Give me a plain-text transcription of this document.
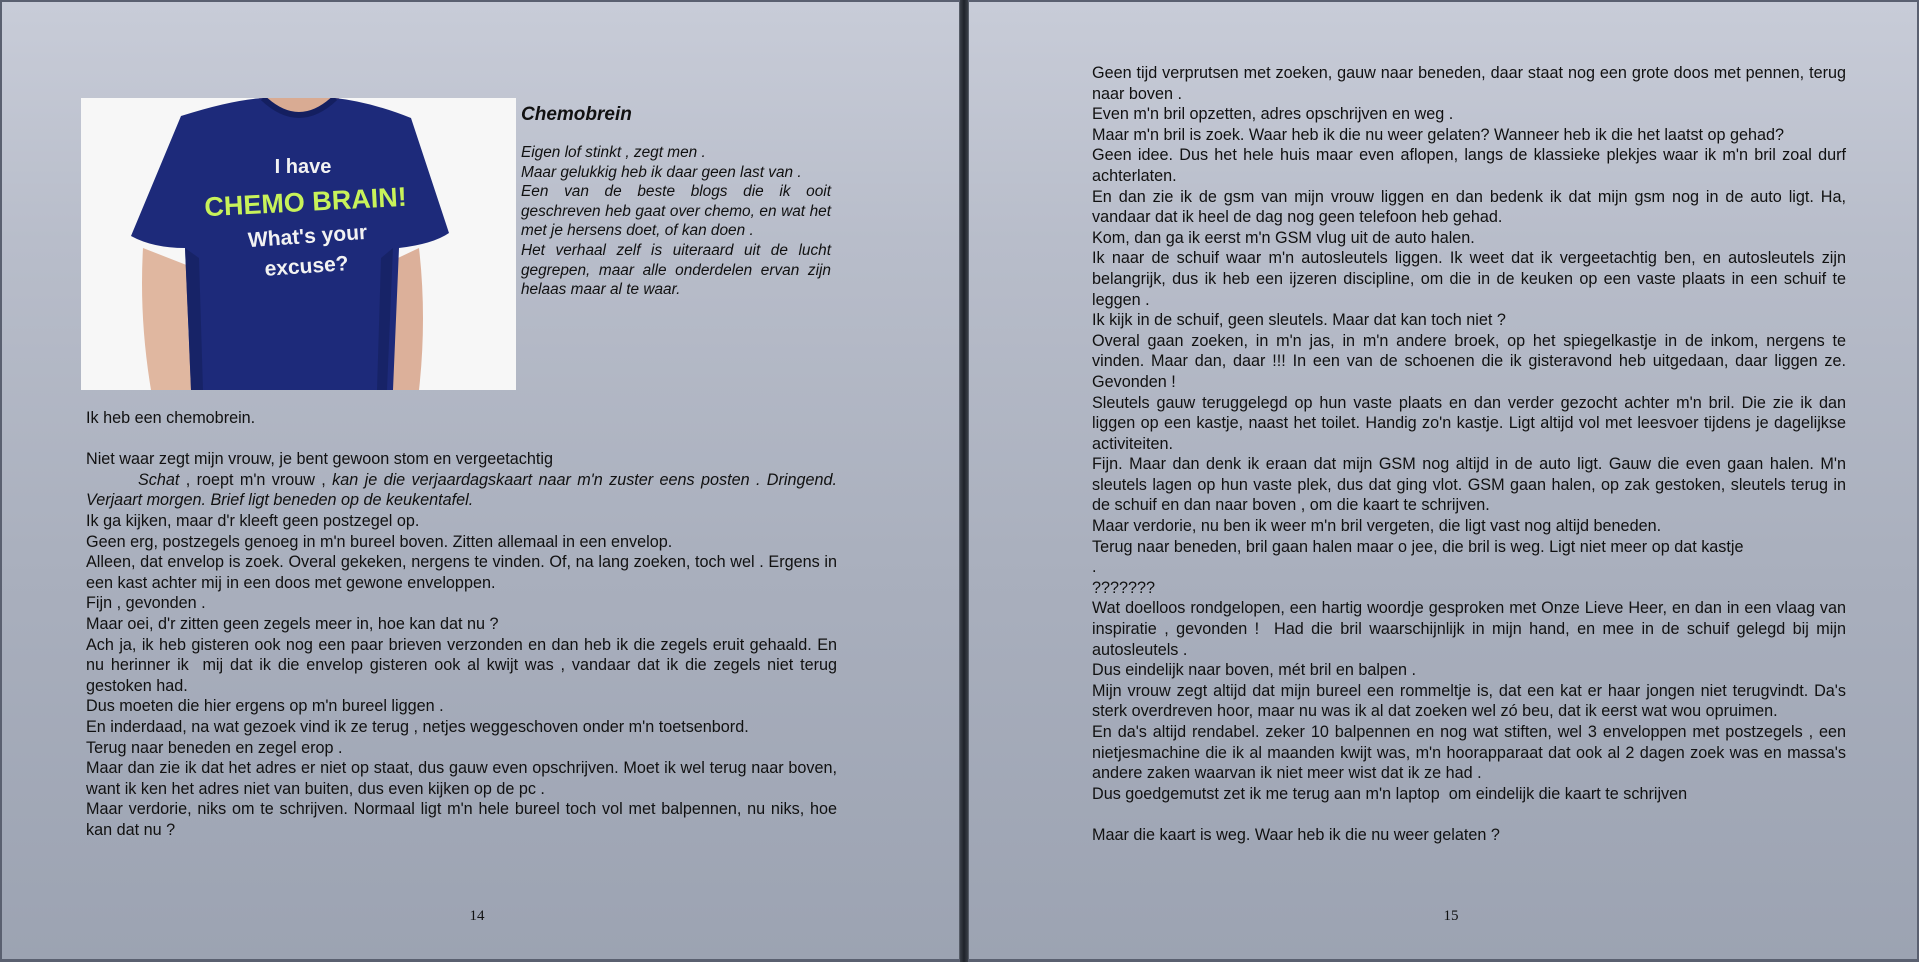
I have
CHEMO BRAIN!
What's your
excuse?
Chemobrein

Eigen lof stinkt , zegt men .

Maar gelukkig heb ik daar geen last van .

Een van de beste blogs die ik ooit geschreven heb gaat over chemo, en wat het met je hersens doet, of kan doen .

Het verhaal zelf is uiteraard uit de lucht gegrepen, maar alle onderdelen ervan zijn helaas maar al te waar.

Ik heb een chemobrein.

Niet waar zegt mijn vrouw, je bent gewoon stom en vergeetachtig

Schat , roept m'n vrouw , kan je die verjaardagskaart naar m'n zuster eens posten . Dringend. Verjaart morgen. Brief ligt beneden op de keukentafel.

Ik ga kijken, maar d'r kleeft geen postzegel op.

Geen erg, postzegels genoeg in m'n bureel boven. Zitten allemaal in een envelop.

Alleen, dat envelop is zoek. Overal gekeken, nergens te vinden. Of, na lang zoeken, toch wel . Ergens in een kast achter mij in een doos met gewone enveloppen.

Fijn , gevonden .

Maar oei, d'r zitten geen zegels meer in, hoe kan dat nu ?

Ach ja, ik heb gisteren ook nog een paar brieven verzonden en dan heb ik die zegels eruit gehaald. En nu herinner ik  mij dat ik die envelop gisteren ook al kwijt was , vandaar dat ik die zegels niet terug gestoken had.

Dus moeten die hier ergens op m'n bureel liggen .

En inderdaad, na wat gezoek vind ik ze terug , netjes weggeschoven onder m'n toetsenbord.

Terug naar beneden en zegel erop .

Maar dan zie ik dat het adres er niet op staat, dus gauw even opschrijven. Moet ik wel terug naar boven, want ik ken het adres niet van buiten, dus even kijken op de pc .

Maar verdorie, niks om te schrijven. Normaal ligt m'n hele bureel toch vol met balpennen, nu niks, hoe kan dat nu ?

14

Geen tijd verprutsen met zoeken, gauw naar beneden, daar staat nog een grote doos met pennen, terug naar boven .

Even m'n bril opzetten, adres opschrijven en weg .

Maar m'n bril is zoek. Waar heb ik die nu weer gelaten? Wanneer heb ik die het laatst op gehad?

Geen idee. Dus het hele huis maar even aflopen, langs de klassieke plekjes waar ik m'n bril zoal durf achterlaten.

En dan zie ik de gsm van mijn vrouw liggen en dan bedenk ik dat mijn gsm nog in de auto ligt. Ha, vandaar dat ik heel de dag nog geen telefoon heb gehad.

Kom, dan ga ik eerst m'n GSM vlug uit de auto halen.

Ik naar de schuif waar m'n autosleutels liggen. Ik weet dat ik vergeetachtig ben, en autosleutels zijn belangrijk, dus ik heb een ijzeren discipline, om die in de keuken op een vaste plaats in een schuif te leggen .

Ik kijk in de schuif, geen sleutels. Maar dat kan toch niet ?

Overal gaan zoeken, in m'n jas, in m'n andere broek, op het spiegelkastje in de inkom, nergens te vinden. Maar dan, daar !!! In een van de schoenen die ik gisteravond heb uitgedaan, daar liggen ze. Gevonden !

Sleutels gauw teruggelegd op hun vaste plaats en dan verder gezocht achter m'n bril. Die zie ik dan liggen op een kastje, naast het toilet. Handig zo'n kastje. Ligt altijd vol met leesvoer tijdens je dagelijkse activiteiten.

Fijn. Maar dan denk ik eraan dat mijn GSM nog altijd in de auto ligt. Gauw die even gaan halen. M'n sleutels lagen op hun vaste plek, dus dat ging vlot. GSM gaan halen, op zak gestoken, sleutels terug in de schuif en dan naar boven , om die kaart te schrijven.

Maar verdorie, nu ben ik weer m'n bril vergeten, die ligt vast nog altijd beneden.

Terug naar beneden, bril gaan halen maar o jee, die bril is weg. Ligt niet meer op dat kastje

.

???????

Wat doelloos rondgelopen, een hartig woordje gesproken met Onze Lieve Heer, en dan in een vlaag van inspiratie , gevonden !  Had die bril waarschijnlijk in mijn hand, en mee in de schuif gelegd bij mijn autosleutels .

Dus eindelijk naar boven, mét bril en balpen .

Mijn vrouw zegt altijd dat mijn bureel een rommeltje is, dat een kat er haar jongen niet terugvindt. Da's sterk overdreven hoor, maar nu was ik al dat zoeken wel zó beu, dat ik eerst wat wou opruimen.

En da's altijd rendabel. zeker 10 balpennen en nog wat stiften, wel 3 enveloppen met postzegels , een nietjesmachine die ik al maanden kwijt was, m'n hoorapparaat dat ook al 2 dagen zoek was en massa's andere zaken waarvan ik niet meer wist dat ik ze had .

Dus goedgemutst zet ik me terug aan m'n laptop  om eindelijk die kaart te schrijven

Maar die kaart is weg. Waar heb ik die nu weer gelaten ?

15
